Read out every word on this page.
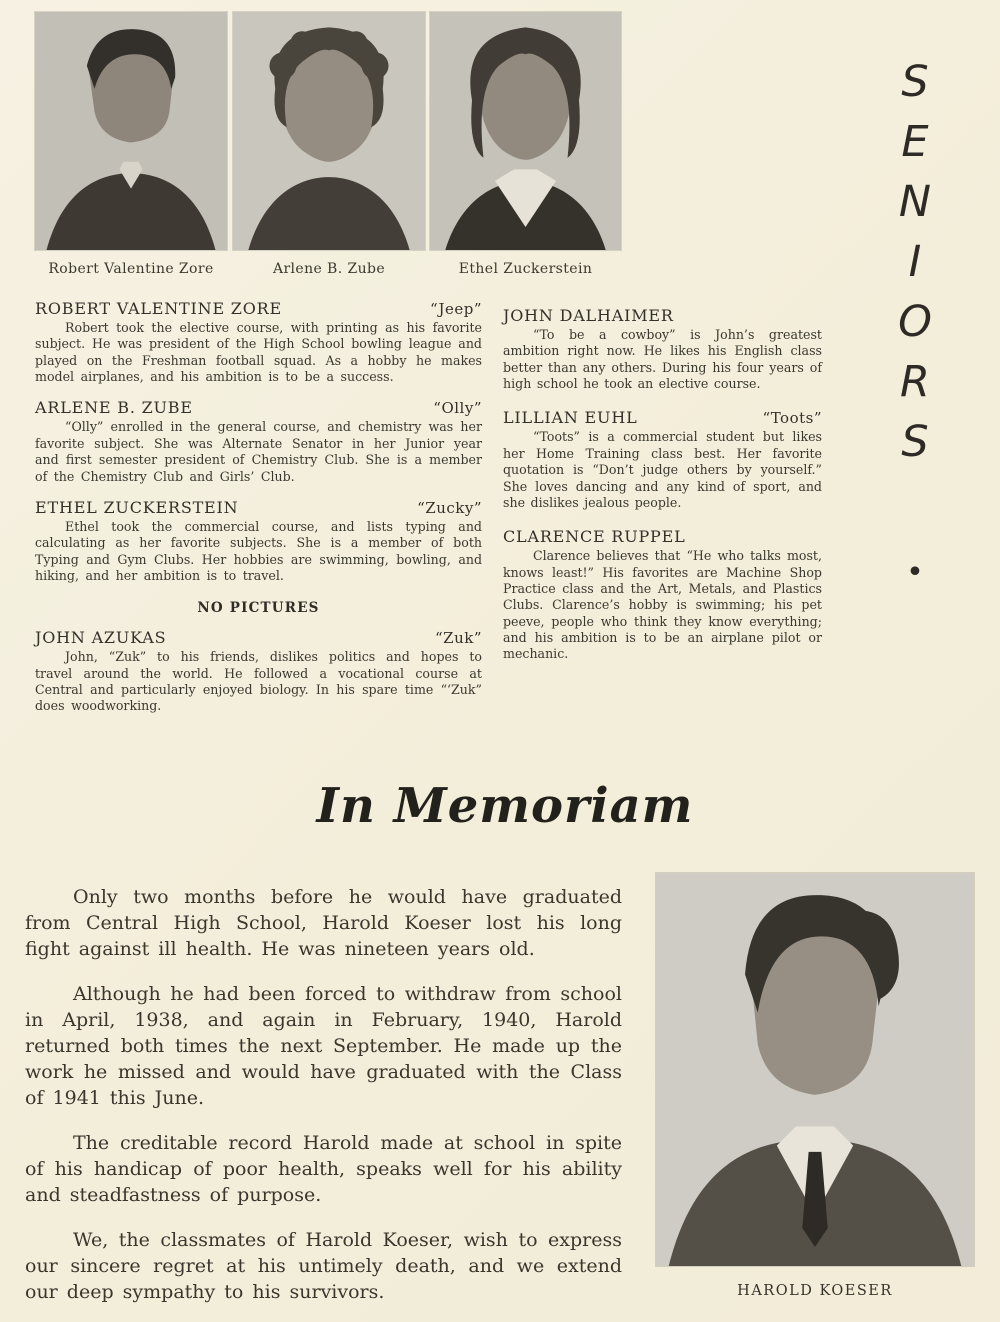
Robert Valentine Zore	Arlene B. Zube	Ethel Zuckerstein
ROBERT VALENTINE ZORE	“Jeep”

Robert took the elective course, with printing as his favorite subject. He was president of the High School bowling league and played on the Freshman football squad. As a hobby he makes model airplanes, and his ambition is to be a success.

ARLENE B. ZUBE	“Olly”

“Olly” enrolled in the general course, and chemistry was her favorite subject. She was Alternate Senator in her Junior year and first semester president of Chemistry Club. She is a member of the Chemistry Club and Girls’ Club.

ETHEL ZUCKERSTEIN	“Zucky”

Ethel took the commercial course, and lists typing and calculating as her favorite subjects. She is a member of both Typing and Gym Clubs. Her hobbies are swimming, bowling, and hiking, and her ambition is to travel.

NO PICTURES
JOHN AZUKAS	“Zuk”

John, “Zuk” to his friends, dislikes politics and hopes to travel around the world. He followed a vocational course at Central and particularly enjoyed biology. In his spare time “‘Zuk” does woodworking.

JOHN DALHAIMER

“To be a cowboy” is John’s greatest ambition right now. He likes his English class better than any others. During his four years of high school he took an elective course.

LILLIAN EUHL	“Toots”

“Toots” is a commercial student but likes her Home Training class best. Her favorite quotation is “Don’t judge others by yourself.” She loves dancing and any kind of sport, and she dislikes jealous people.

CLARENCE RUPPEL

Clarence believes that “He who talks most, knows least!” His favorites are Machine Shop Practice class and the Art, Metals, and Plastics Clubs. Clarence’s hobby is swimming; his pet peeve, people who think they know everything; and his ambition is to be an airplane pilot or mechanic.

S
E
N
I
O
R
S
•
In Memoriam

Only two months before he would have graduated from Central High School, Harold Koeser lost his long fight against ill health. He was nineteen years old.

Although he had been forced to withdraw from school in April, 1938, and again in February, 1940, Harold returned both times the next September. He made up the work he missed and would have graduated with the Class of 1941 this June.

The creditable record Harold made at school in spite of his handicap of poor health, speaks well for his ability and steadfastness of purpose.

We, the classmates of Harold Koeser, wish to express our sincere regret at his untimely death, and we extend our deep sympathy to his survivors.	HAROLD KOESER
